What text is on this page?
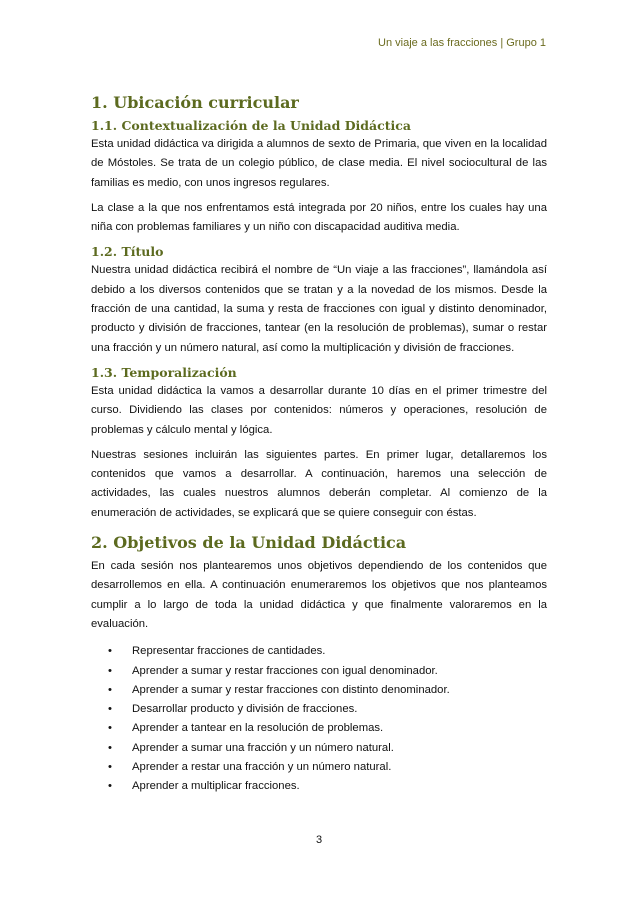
Un viaje a las fracciones | Grupo 1
1. Ubicación curricular
1.1. Contextualización de la Unidad Didáctica

Esta unidad didáctica va dirigida a alumnos de sexto de Primaria, que viven en la localidad de Móstoles. Se trata de un colegio público, de clase media. El nivel sociocultural de las familias es medio, con unos ingresos regulares.

La clase a la que nos enfrentamos está integrada por 20 niños, entre los cuales hay una niña con problemas familiares y un niño con discapacidad auditiva media.

1.2. Título

Nuestra unidad didáctica recibirá el nombre de “Un viaje a las fracciones”, llamándola así debido a los diversos contenidos que se tratan y a la novedad de los mismos. Desde la fracción de una cantidad, la suma y resta de fracciones con igual y distinto denominador, producto y división de fracciones, tantear (en la resolución de problemas), sumar o restar una fracción y un número natural, así como la multiplicación y división de fracciones.

1.3. Temporalización

Esta unidad didáctica la vamos a desarrollar durante 10 días en el primer trimestre del curso. Dividiendo las clases por contenidos: números y operaciones, resolución de problemas y cálculo mental y lógica.

Nuestras sesiones incluirán las siguientes partes. En primer lugar, detallaremos los contenidos que vamos a desarrollar. A continuación, haremos una selección de actividades, las cuales nuestros alumnos deberán completar. Al comienzo de la enumeración de actividades, se explicará que se quiere conseguir con éstas.

2. Objetivos de la Unidad Didáctica

En cada sesión nos plantearemos unos objetivos dependiendo de los contenidos que desarrollemos en ella. A continuación enumeraremos los objetivos que nos planteamos cumplir a lo largo de toda la unidad didáctica y que finalmente valoraremos en la evaluación.

• Representar fracciones de cantidades.
• Aprender a sumar y restar fracciones con igual denominador.
• Aprender a sumar y restar fracciones con distinto denominador.
• Desarrollar producto y división de fracciones.
• Aprender a tantear en la resolución de problemas.
• Aprender a sumar una fracción y un número natural.
• Aprender a restar una fracción y un número natural.
• Aprender a multiplicar fracciones.
3
